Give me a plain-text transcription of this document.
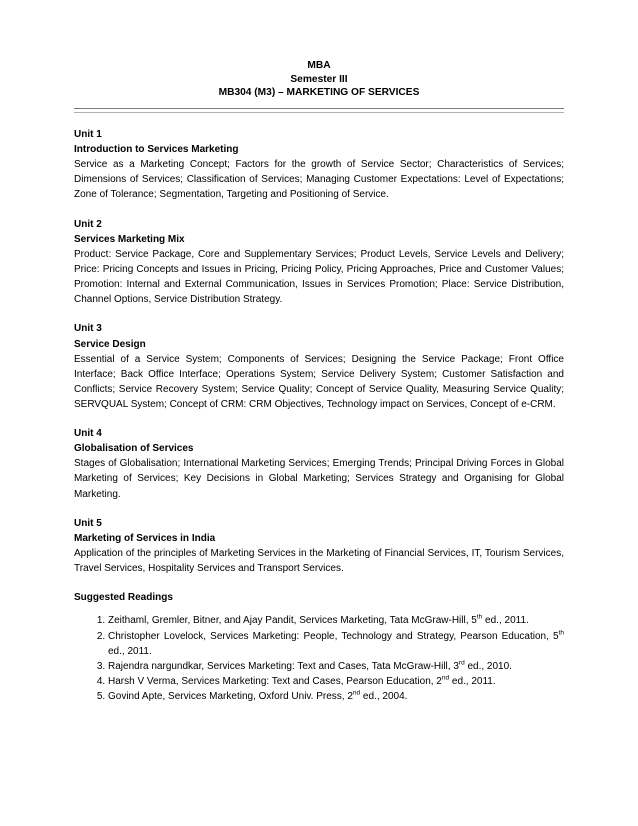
MBA
Semester III
MB304 (M3) – MARKETING OF SERVICES
Unit 1
Introduction to Services Marketing
Service as a Marketing Concept; Factors for the growth of Service Sector; Characteristics of Services; Dimensions of Services; Classification of Services; Managing Customer Expectations: Level of Expectations; Zone of Tolerance; Segmentation, Targeting and Positioning of Service.
Unit 2
Services Marketing Mix
Product: Service Package, Core and Supplementary Services; Product Levels, Service Levels and Delivery; Price: Pricing Concepts and Issues in Pricing, Pricing Policy, Pricing Approaches, Price and Customer Values; Promotion: Internal and External Communication, Issues in Services Promotion; Place: Service Distribution, Channel Options, Service Distribution Strategy.
Unit 3
Service Design
Essential of a Service System; Components of Services; Designing the Service Package; Front Office Interface; Back Office Interface; Operations System; Service Delivery System; Customer Satisfaction and Conflicts; Service Recovery System; Service Quality; Concept of Service Quality, Measuring Service Quality; SERVQUAL System; Concept of CRM: CRM Objectives, Technology impact on Services, Concept of e-CRM.
Unit 4
Globalisation of Services
Stages of Globalisation; International Marketing Services; Emerging Trends; Principal Driving Forces in Global Marketing of Services; Key Decisions in Global Marketing; Services Strategy and Organising for Global Marketing.
Unit 5
Marketing of Services in India
Application of the principles of Marketing Services in the Marketing of Financial Services, IT, Tourism Services, Travel Services, Hospitality Services and Transport Services.
Suggested Readings
1. Zeithaml, Gremler, Bitner, and Ajay Pandit, Services Marketing, Tata McGraw-Hill, 5th ed., 2011.
2. Christopher Lovelock, Services Marketing: People, Technology and Strategy, Pearson Education, 5th ed., 2011.
3. Rajendra nargundkar, Services Marketing: Text and Cases, Tata McGraw-Hill, 3rd ed., 2010.
4. Harsh V Verma, Services Marketing: Text and Cases, Pearson Education, 2nd ed., 2011.
5. Govind Apte, Services Marketing, Oxford Univ. Press, 2nd ed., 2004.
